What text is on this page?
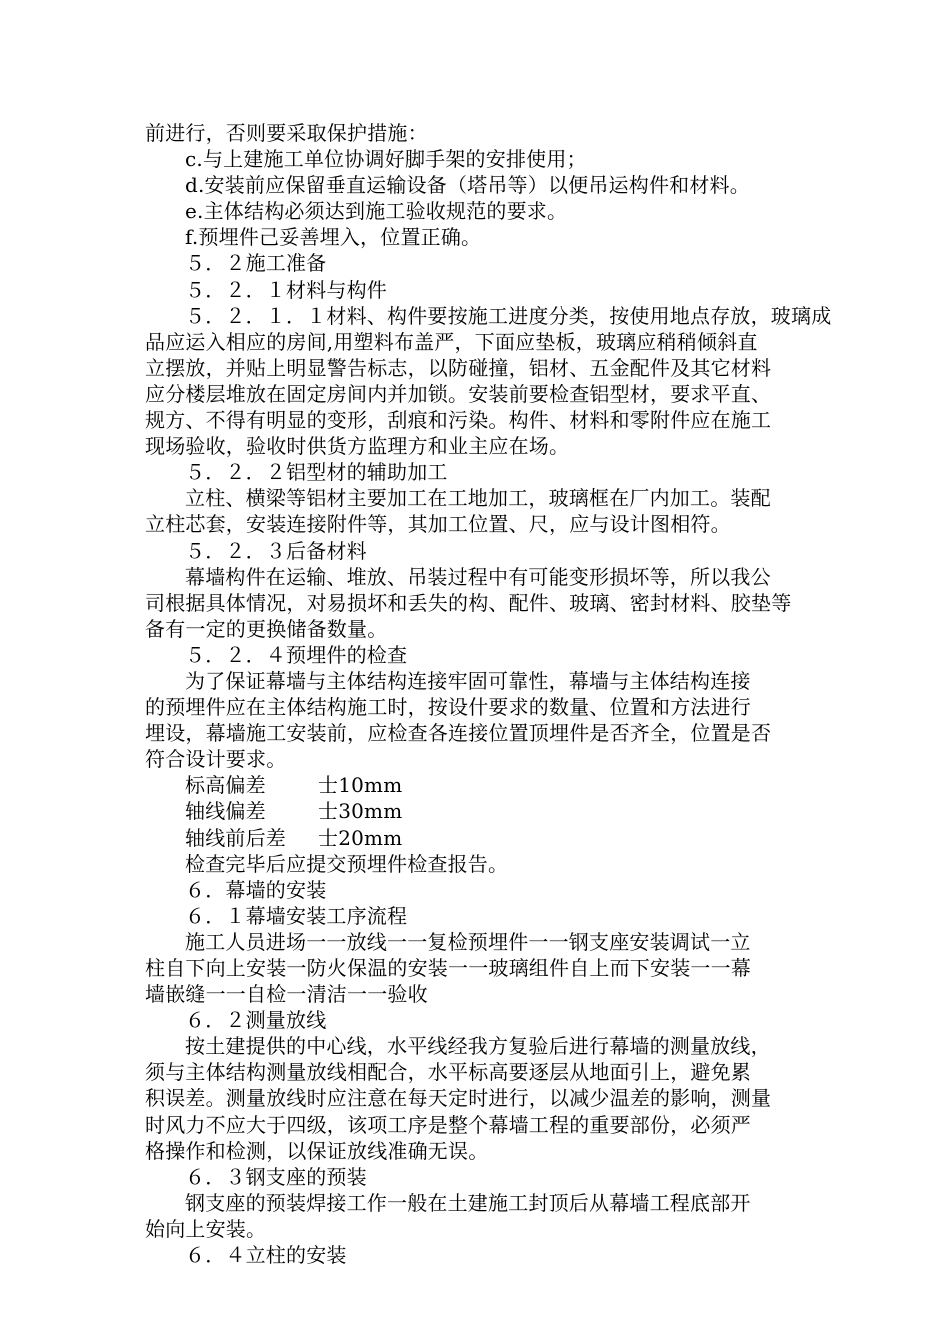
前进行，否则要采取保护措施：
c.与上建施工单位协调好脚手架的安排使用；
d.安装前应保留垂直运输设备（塔吊等）以便吊运构件和材料。
e.主体结构必须达到施工验收规范的要求。
f.预埋件己妥善埋入，位置正确。
５．２施工准备
５．２．１材料与构件
５．２．１．１材料、构件要按施工进度分类，按使用地点存放，玻璃成
品应运入相应的房间,用塑料布盖严，下面应垫板，玻璃应稍稍倾斜直
立摆放，并贴上明显警告标志，以防碰撞，铝材、五金配件及其它材料
应分楼层堆放在固定房间内并加锁。安装前要检查铝型材，要求平直、
规方、不得有明显的变形，刮痕和污染。构件、材料和零附件应在施工
现场验收，验收时供货方监理方和业主应在场。
５．２．２铝型材的辅助加工
立柱、横梁等铝材主要加工在工地加工，玻璃框在厂内加工。装配
立柱芯套，安装连接附件等，其加工位置、尺，应与设计图相符。
５．２．３后备材料
幕墙构件在运输、堆放、吊装过程中有可能变形损坏等，所以我公
司根据具体情况，对易损坏和丢失的构、配件、玻璃、密封材料、胶垫等
备有一定的更换储备数量。
５．２．４预埋件的检查
为了保证幕墙与主体结构连接牢固可靠性，幕墙与主体结构连接
的预埋件应在主体结构施工时，按设什要求的数量、位置和方法进行
埋设，幕墙施工安装前，应检查各连接位置顶埋件是否齐全，位置是否
符合设计要求。
标高偏差	士10mm
轴线偏差	士30mm
轴线前后差	士20mm
检查完毕后应提交预埋件检查报告。
６．幕墙的安装
６．１幕墙安装工序流程
施工人员进场一一放线一一复检预埋件一一钢支座安装调试一立
柱自下向上安装一防火保温的安装一一玻璃组件自上而下安装一一幕
墙嵌缝一一自检一清洁一一验收
６．２测量放线
按土建提供的中心线，水平线经我方复验后进行幕墙的测量放线，
须与主体结构测量放线相配合，水平标高要逐层从地面引上，避免累
积误差。测量放线时应注意在每天定时进行，以减少温差的影响，测量
时风力不应大于四级，该项工序是整个幕墙工程的重要部份，必须严
格操作和检测，以保证放线准确无误。
６．３钢支座的预装
钢支座的预装焊接工作一般在土建施工封顶后从幕墙工程底部开
始向上安装。
６．４立柱的安装
